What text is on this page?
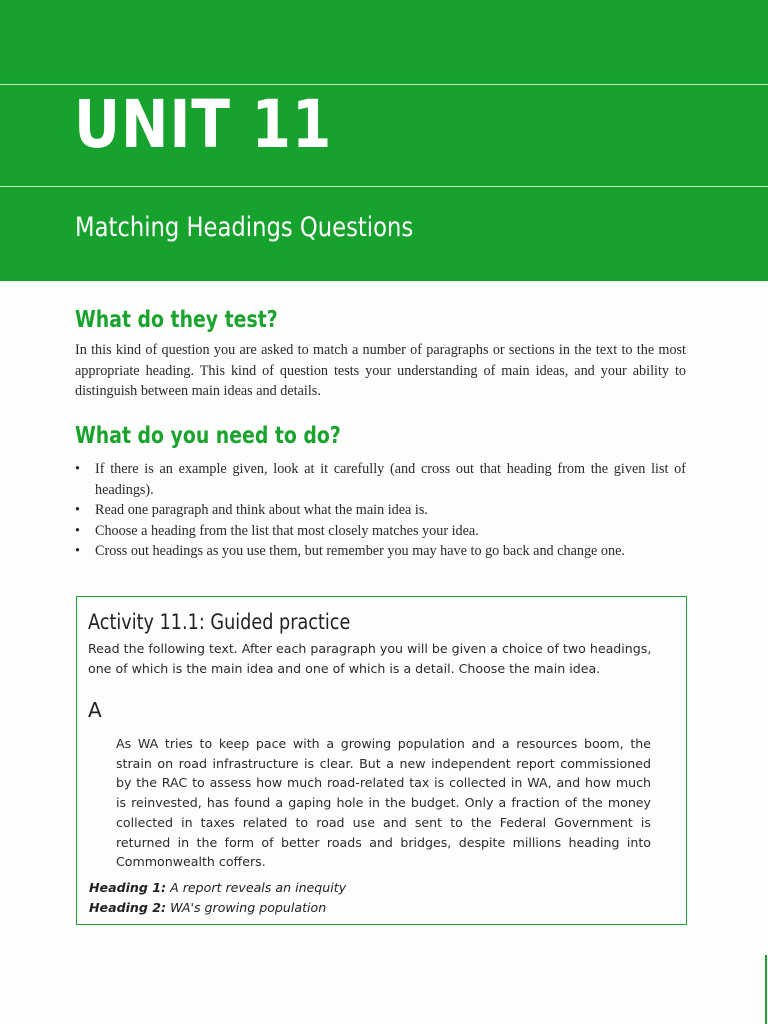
UNIT 11
Matching Headings Questions
What do they test?

In this kind of question you are asked to match a number of paragraphs or sections in the text to the most appropriate heading. This kind of question tests your understanding of main ideas, and your ability to distinguish between main ideas and details.

What do you need to do?
• If there is an example given, look at it carefully (and cross out that heading from the given list of headings).
• Read one paragraph and think about what the main idea is.
• Choose a heading from the list that most closely matches your idea.
• Cross out headings as you use them, but remember you may have to go back and change one.
Activity 11.1: Guided practice

Read the following text. After each paragraph you will be given a choice of two headings, one of which is the main idea and one of which is a detail. Choose the main idea.

A

As WA tries to keep pace with a growing population and a resources boom, the strain on road infrastructure is clear. But a new independent report commissioned by the RAC to assess how much road-related tax is collected in WA, and how much is reinvested, has found a gaping hole in the budget. Only a fraction of the money collected in taxes related to road use and sent to the Federal Government is returned in the form of better roads and bridges, despite millions heading into Commonwealth coffers.

Heading 1: A report reveals an inequity
Heading 2: WA's growing population
